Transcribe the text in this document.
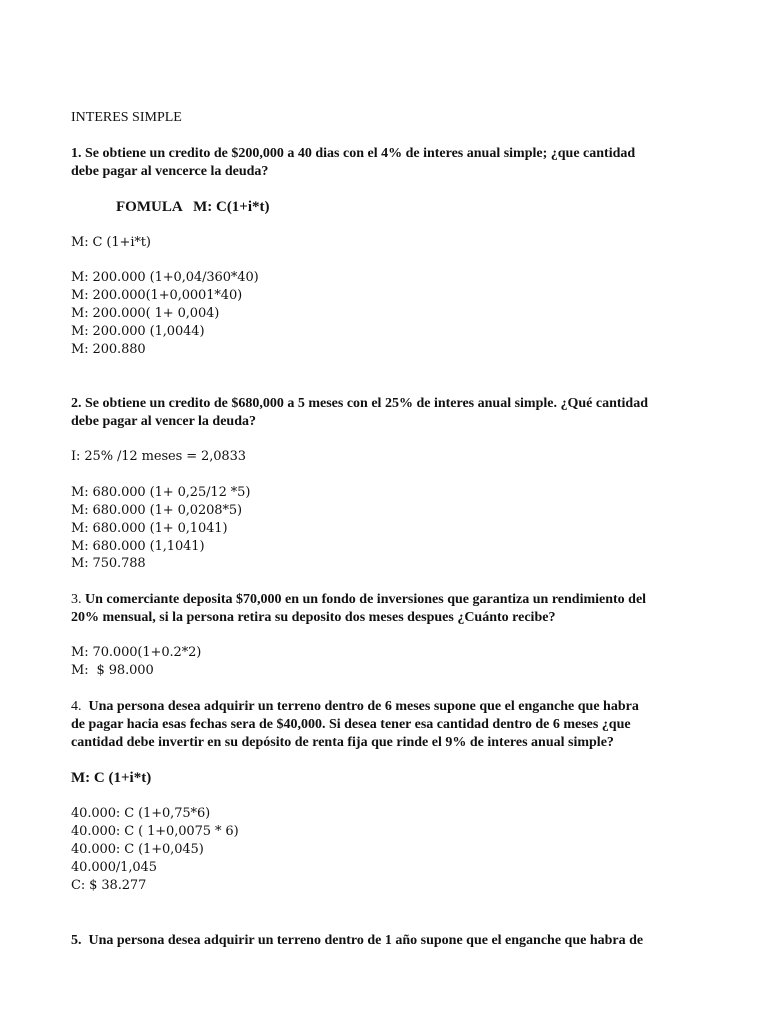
INTERES SIMPLE

1. Se obtiene un credito de $200,000 a 40 dias con el 4% de interes anual simple; ¿que cantidad

debe pagar al vencerce la deuda?

FOMULA   M: C(1+i*t)

M: C (1+i*t)

M: 200.000 (1+0,04/360*40)

M: 200.000(1+0,0001*40)

M: 200.000( 1+ 0,004)

M: 200.000 (1,0044)

M: 200.880

2. Se obtiene un credito de $680,000 a 5 meses con el 25% de interes anual simple. ¿Qué cantidad

debe pagar al vencer la deuda?

I: 25% /12 meses = 2,0833

M: 680.000 (1+ 0,25/12 *5)

M: 680.000 (1+ 0,0208*5)

M: 680.000 (1+ 0,1041)

M: 680.000 (1,1041)

M: 750.788

3. Un comerciante deposita $70,000 en un fondo de inversiones que garantiza un rendimiento del

20% mensual, si la persona retira su deposito dos meses despues ¿Cuánto recibe?

M: 70.000(1+0.2*2)

M:  $ 98.000

4. Una persona desea adquirir un terreno dentro de 6 meses supone que el enganche que habra

de pagar hacia esas fechas sera de $40,000. Si desea tener esa cantidad dentro de 6 meses ¿que

cantidad debe invertir en su depósito de renta fija que rinde el 9% de interes anual simple?

M: C (1+i*t)

40.000: C (1+0,75*6)

40.000: C ( 1+0,0075 * 6)

40.000: C (1+0,045)

40.000/1,045

C: $ 38.277

5.  Una persona desea adquirir un terreno dentro de 1 año supone que el enganche que habra de
